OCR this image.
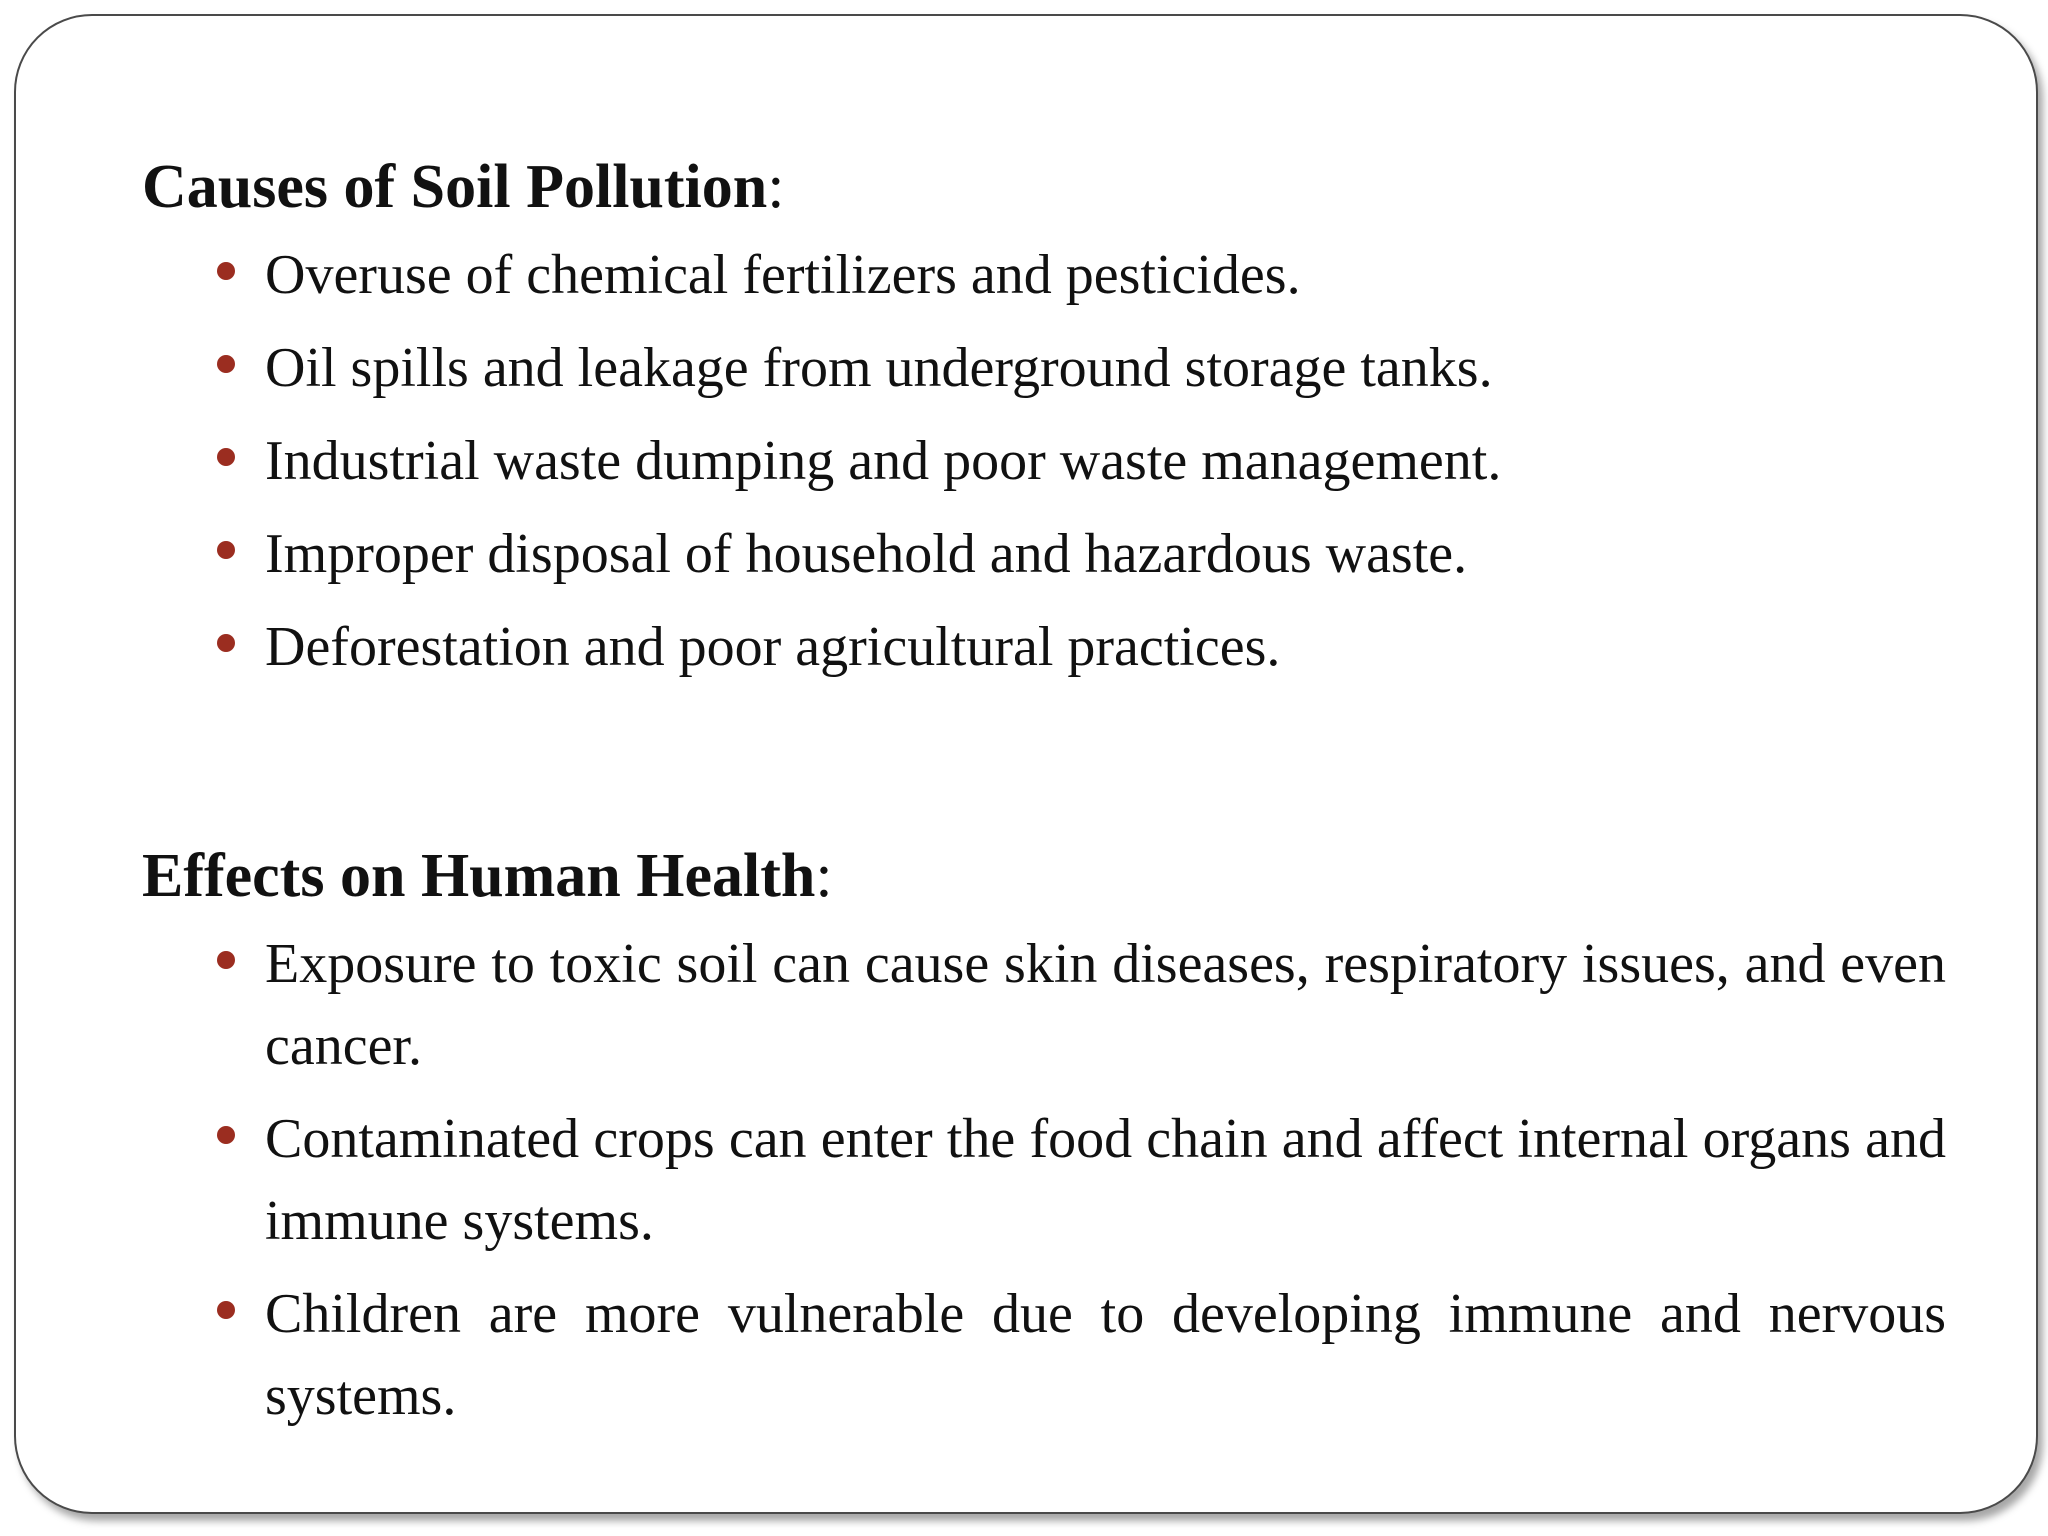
Causes of Soil Pollution:
Overuse of chemical fertilizers and pesticides.
Oil spills and leakage from underground storage tanks.
Industrial waste dumping and poor waste management.
Improper disposal of household and hazardous waste.
Deforestation and poor agricultural practices.
Effects on Human Health:
Exposure to toxic soil can cause skin diseases, respiratory issues, and even cancer.
Contaminated crops can enter the food chain and affect internal organs and immune systems.
Children are more vulnerable due to developing immune and nervous systems.
